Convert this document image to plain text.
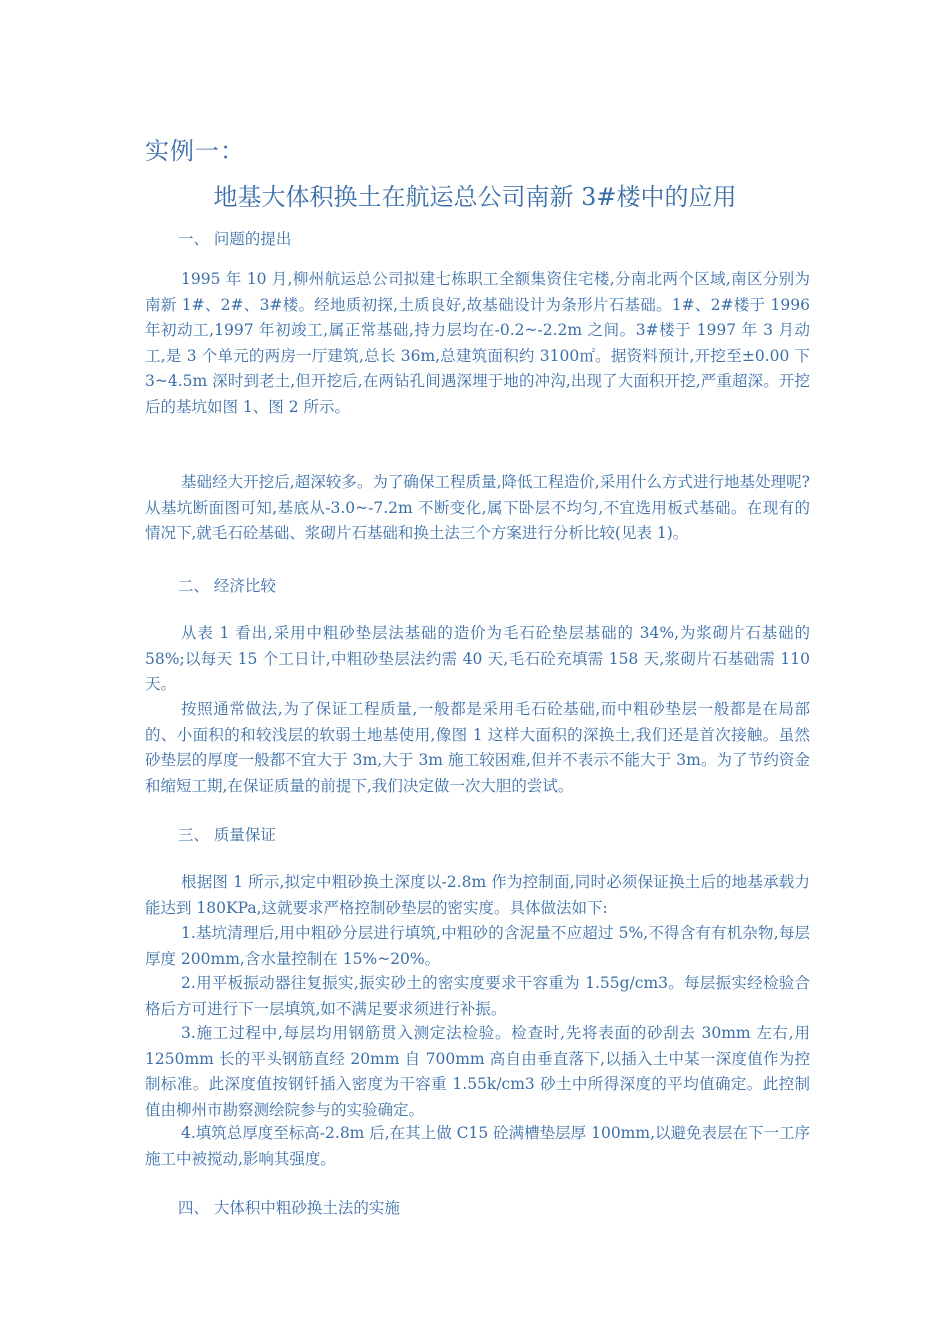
实例一：
地基大体积换土在航运总公司南新 3#楼中的应用
一、 问题的提出

1995 年 10 月,柳州航运总公司拟建七栋职工全额集资住宅楼,分南北两个区域,南区分别为南新 1#、2#、3#楼。经地质初探,土质良好,故基础设计为条形片石基础。1#、2#楼于 1996 年初动工,1997 年初竣工,属正常基础,持力层均在-0.2~-2.2m 之间。3#楼于 1997 年 3 月动工,是 3 个单元的两房一厅建筑,总长 36m,总建筑面积约 3100㎡。据资料预计,开挖至±0.00 下 3~4.5m 深时到老土,但开挖后,在两钻孔间遇深埋于地的冲沟,出现了大面积开挖,严重超深。开挖后的基坑如图 1、图 2 所示。

基础经大开挖后,超深较多。为了确保工程质量,降低工程造价,采用什么方式进行地基处理呢?从基坑断面图可知,基底从-3.0~-7.2m 不断变化,属下卧层不均匀,不宜选用板式基础。在现有的情况下,就毛石砼基础、浆砌片石基础和换土法三个方案进行分析比较(见表 1)。

二、 经济比较

从表 1 看出,采用中粗砂垫层法基础的造价为毛石砼垫层基础的 34%,为浆砌片石基础的 58%;以每天 15 个工日计,中粗砂垫层法约需 40 天,毛石砼充填需 158 天,浆砌片石基础需 110 天。

按照通常做法,为了保证工程质量,一般都是采用毛石砼基础,而中粗砂垫层一般都是在局部的、小面积的和较浅层的软弱土地基使用,像图 1 这样大面积的深换土,我们还是首次接触。虽然砂垫层的厚度一般都不宜大于 3m,大于 3m 施工较困难,但并不表示不能大于 3m。为了节约资金和缩短工期,在保证质量的前提下,我们决定做一次大胆的尝试。

三、 质量保证

根据图 1 所示,拟定中粗砂换土深度以-2.8m 作为控制面,同时必须保证换土后的地基承载力能达到 180KPa,这就要求严格控制砂垫层的密实度。具体做法如下:

1.基坑清理后,用中粗砂分层进行填筑,中粗砂的含泥量不应超过 5%,不得含有有机杂物,每层厚度 200mm,含水量控制在 15%~20%。

2.用平板振动器往复振实,振实砂土的密实度要求干容重为 1.55g/cm3。每层振实经检验合格后方可进行下一层填筑,如不满足要求须进行补振。

3.施工过程中,每层均用钢筋贯入测定法检验。检查时,先将表面的砂刮去 30mm 左右,用 1250mm 长的平头钢筋直经 20mm 自 700mm 高自由垂直落下,以插入土中某一深度值作为控制标准。此深度值按钢钎插入密度为干容重 1.55k/cm3 砂土中所得深度的平均值确定。此控制值由柳州市勘察测绘院参与的实验确定。

4.填筑总厚度至标高-2.8m 后,在其上做 C15 砼满槽垫层厚 100mm,以避免表层在下一工序施工中被搅动,影响其强度。

四、 大体积中粗砂换土法的实施
